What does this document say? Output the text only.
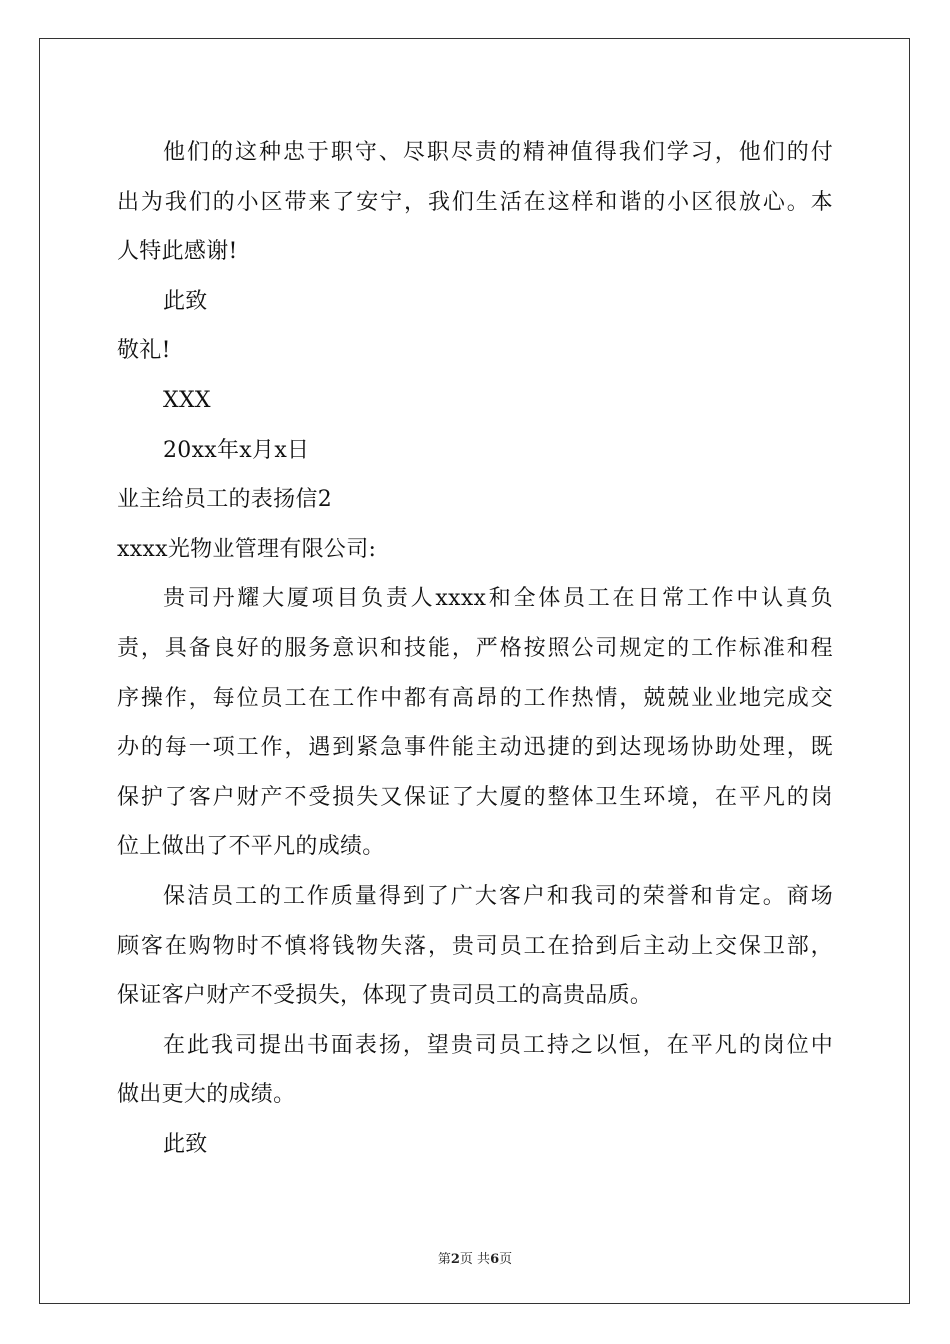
他们的这种忠于职守、尽职尽责的精神值得我们学习，他们的付
出为我们的小区带来了安宁，我们生活在这样和谐的小区很放心。本
人特此感谢!
此致
敬礼!
XXX
20xx年x月x日
业主给员工的表扬信2
xxxx光物业管理有限公司:
贵司丹耀大厦项目负责人xxxx和全体员工在日常工作中认真负
责，具备良好的服务意识和技能，严格按照公司规定的工作标准和程
序操作，每位员工在工作中都有高昂的工作热情，兢兢业业地完成交
办的每一项工作，遇到紧急事件能主动迅捷的到达现场协助处理，既
保护了客户财产不受损失又保证了大厦的整体卫生环境，在平凡的岗
位上做出了不平凡的成绩。
保洁员工的工作质量得到了广大客户和我司的荣誉和肯定。商场
顾客在购物时不慎将钱物失落，贵司员工在拾到后主动上交保卫部，
保证客户财产不受损失，体现了贵司员工的高贵品质。
在此我司提出书面表扬，望贵司员工持之以恒，在平凡的岗位中
做出更大的成绩。
此致
第2页 共6页
